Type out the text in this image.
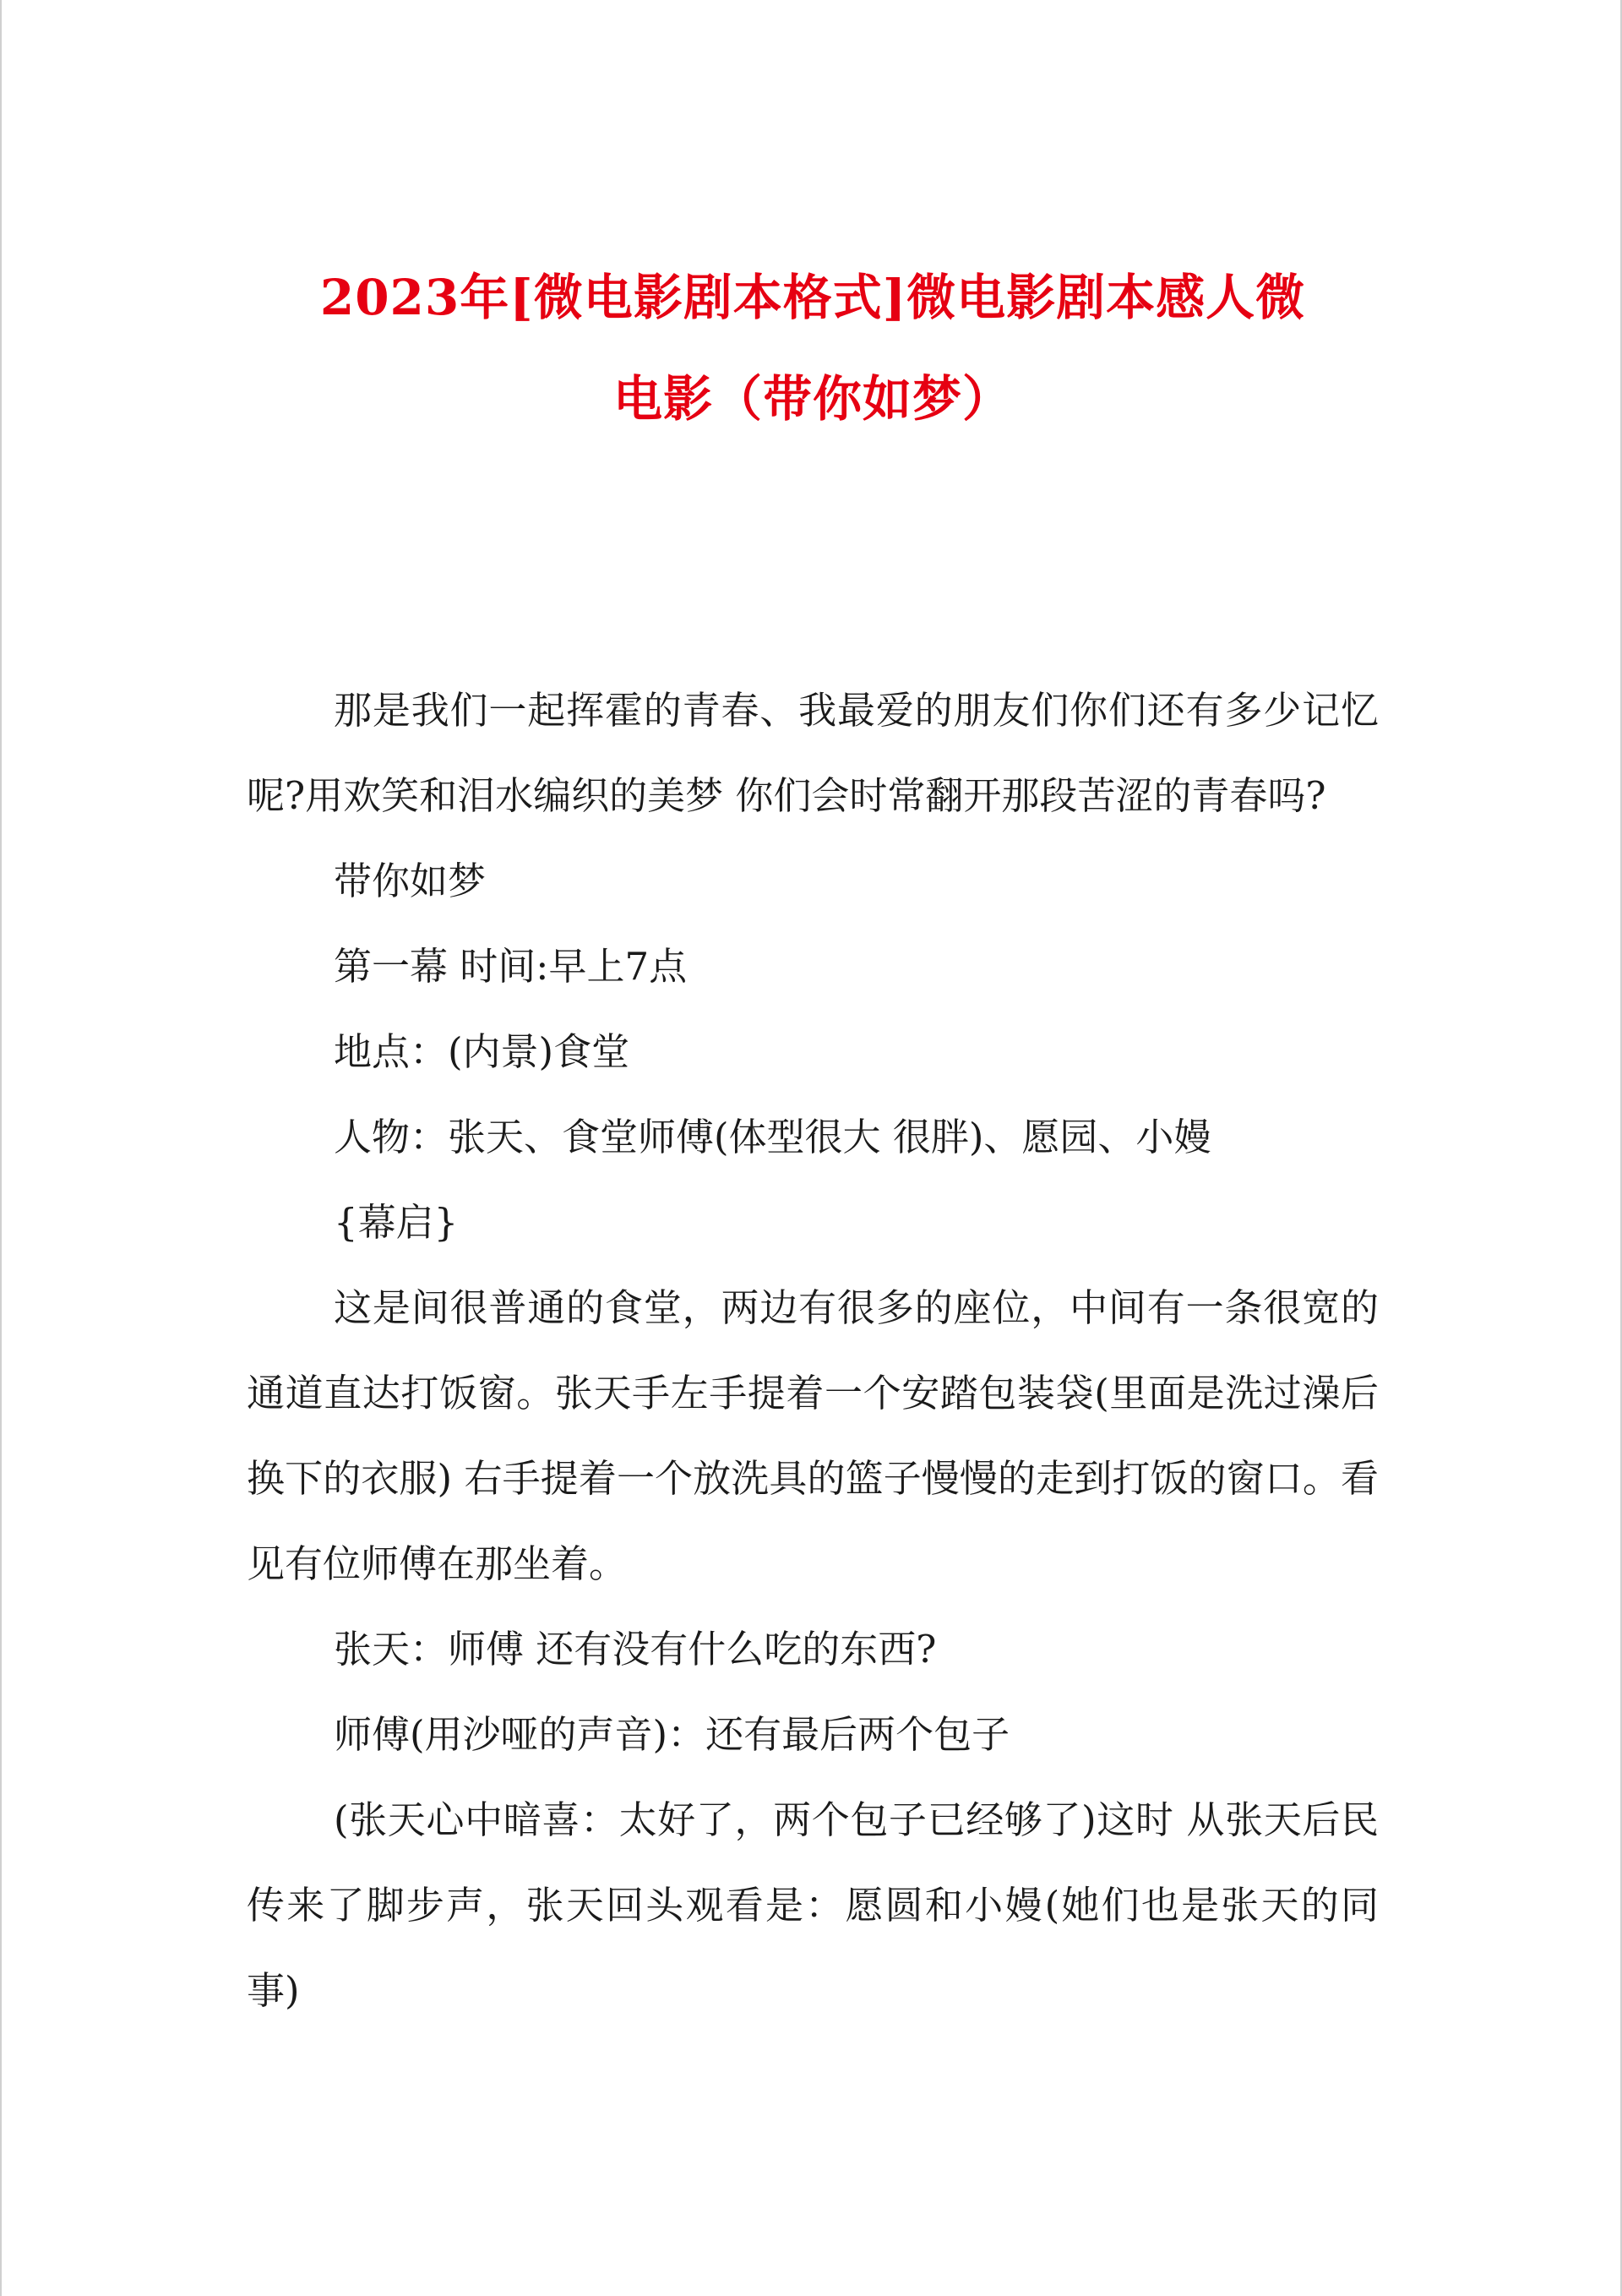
2023年[微电影剧本格式]微电影剧本感人微
电影（带你如梦）

那是我们一起挥霍的青春、我最爱的朋友们你们还有多少记忆呢?用欢笑和泪水编织的美梦 你们会时常翻开那段苦涩的青春吗?

带你如梦

第一幕 时间:早上7点

地点：(内景)食堂

人物：张天、食堂师傅(体型很大 很胖)、愿园、小嫚

{幕启}

这是间很普通的食堂，两边有很多的座位，中间有一条很宽的通道直达打饭窗。张天手左手提着一个安踏包装袋(里面是洗过澡后换下的衣服) 右手提着一个放洗具的篮子慢慢的走到打饭的窗口。看见有位师傅在那坐着。

张天：师傅 还有没有什么吃的东西?

师傅(用沙哑的声音)：还有最后两个包子

(张天心中暗喜：太好了，两个包子已经够了)这时 从张天后民传来了脚步声，张天回头观看是：愿圆和小嫚(她们也是张天的同事)
